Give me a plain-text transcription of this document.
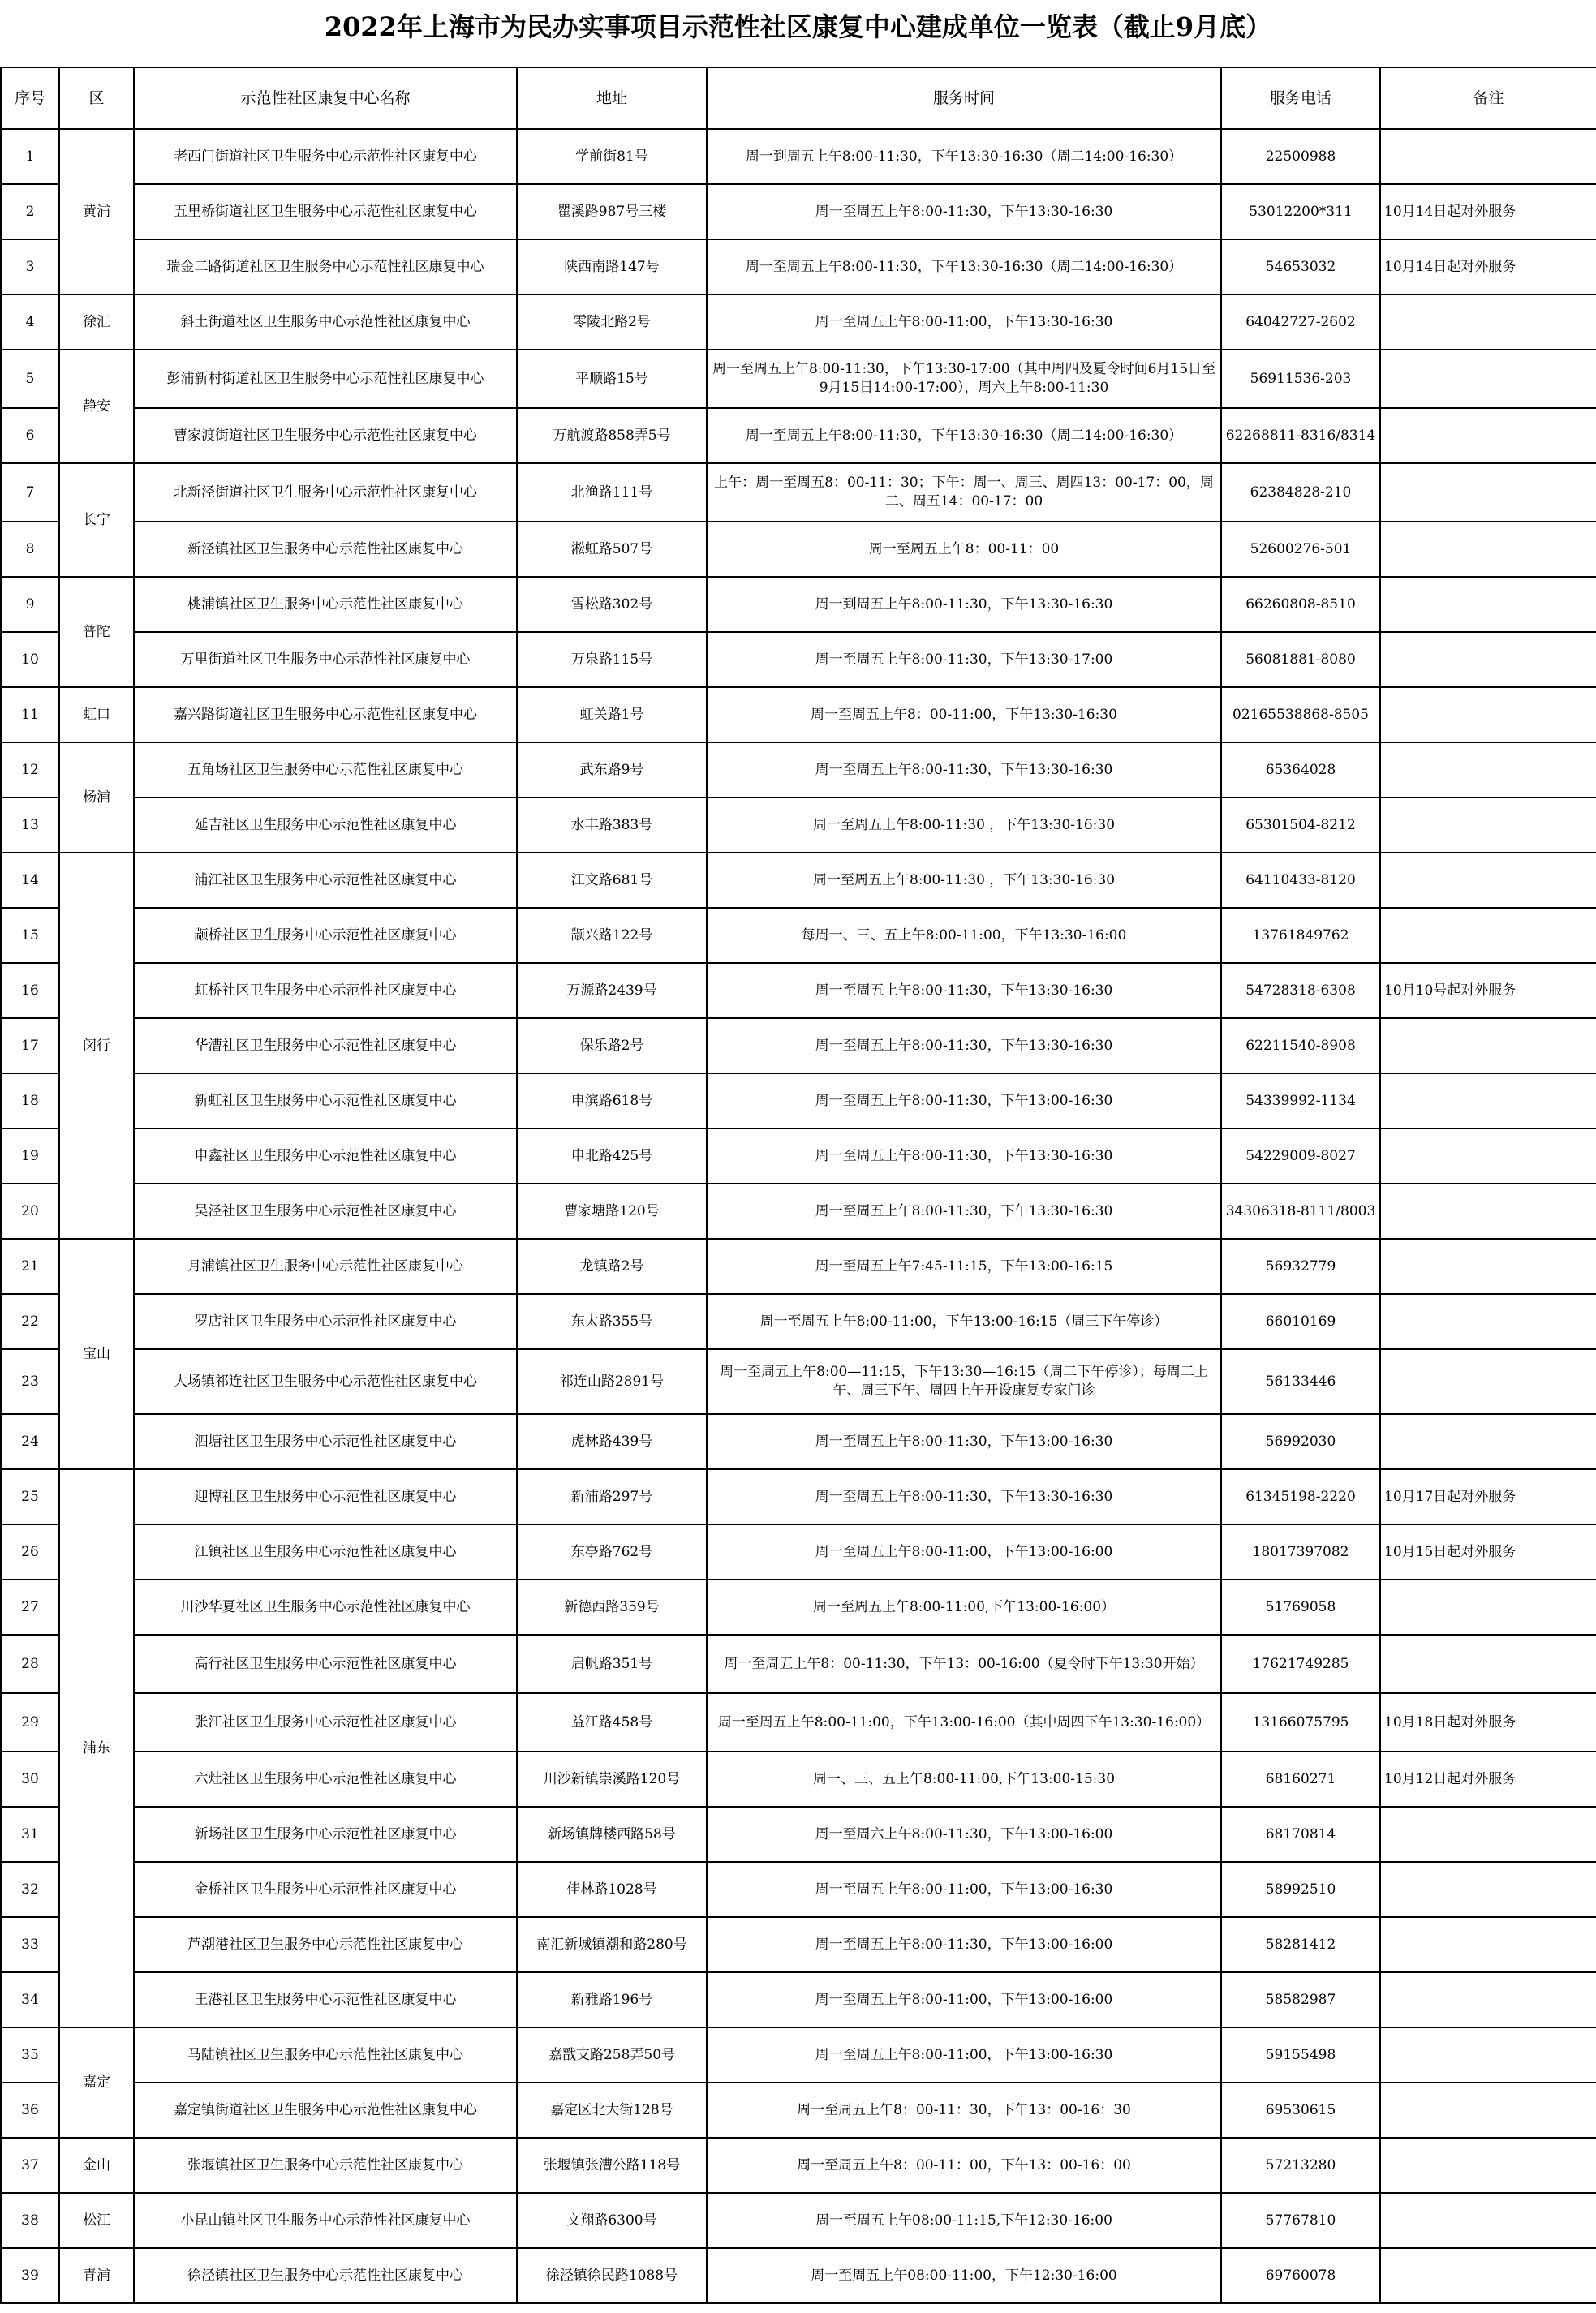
2022年上海市为民办实事项目示范性社区康复中心建成单位一览表（截止9月底）
序号	区	示范性社区康复中心名称	地址	服务时间	服务电话	备注
1	黄浦	老西门街道社区卫生服务中心示范性社区康复中心	学前街81号	周一到周五上午8:00-11:30，下午13:30-16:30（周二14:00-16:30）	22500988	
2		五里桥街道社区卫生服务中心示范性社区康复中心	瞿溪路987号三楼	周一至周五上午8:00-11:30，下午13:30-16:30	53012200*311	10月14日起对外服务
3		瑞金二路街道社区卫生服务中心示范性社区康复中心	陕西南路147号	周一至周五上午8:00-11:30，下午13:30-16:30（周二14:00-16:30）	54653032	10月14日起对外服务
4	徐汇	斜土街道社区卫生服务中心示范性社区康复中心	零陵北路2号	周一至周五上午8:00-11:00，下午13:30-16:30	64042727-2602	
5	静安	彭浦新村街道社区卫生服务中心示范性社区康复中心	平顺路15号	周一至周五上午8:00-11:30，下午13:30-17:00（其中周四及夏令时间6月15日至9月15日14:00-17:00），周六上午8:00-11:30	56911536-203	
6		曹家渡街道社区卫生服务中心示范性社区康复中心	万航渡路858弄5号	周一至周五上午8:00-11:30，下午13:30-16:30（周二14:00-16:30）	62268811-8316/8314	
7	长宁	北新泾街道社区卫生服务中心示范性社区康复中心	北渔路111号	上午：周一至周五8：00-11：30；下午：周一、周三、周四13：00-17：00，周二、周五14：00-17：00	62384828-210	
8		新泾镇社区卫生服务中心示范性社区康复中心	淞虹路507号	周一至周五上午8：00-11：00	52600276-501	
9	普陀	桃浦镇社区卫生服务中心示范性社区康复中心	雪松路302号	周一到周五上午8:00-11:30，下午13:30-16:30	66260808-8510	
10		万里街道社区卫生服务中心示范性社区康复中心	万泉路115号	周一至周五上午8:00-11:30，下午13:30-17:00	56081881-8080	
11	虹口	嘉兴路街道社区卫生服务中心示范性社区康复中心	虹关路1号	周一至周五上午8：00-11:00，下午13:30-16:30	02165538868-8505	
12	杨浦	五角场社区卫生服务中心示范性社区康复中心	武东路9号	周一至周五上午8:00-11:30，下午13:30-16:30	65364028	
13		延吉社区卫生服务中心示范性社区康复中心	水丰路383号	周一至周五上午8:00-11:30 ，下午13:30-16:30	65301504-8212	
14	闵行	浦江社区卫生服务中心示范性社区康复中心	江文路681号	周一至周五上午8:00-11:30 ，下午13:30-16:30	64110433-8120	
15		颛桥社区卫生服务中心示范性社区康复中心	颛兴路122号	每周一、三、五上午8:00-11:00，下午13:30-16:00	13761849762	
16		虹桥社区卫生服务中心示范性社区康复中心	万源路2439号	周一至周五上午8:00-11:30，下午13:30-16:30	54728318-6308	10月10号起对外服务
17		华漕社区卫生服务中心示范性社区康复中心	保乐路2号	周一至周五上午8:00-11:30，下午13:30-16:30	62211540-8908	
18		新虹社区卫生服务中心示范性社区康复中心	申滨路618号	周一至周五上午8:00-11:30，下午13:00-16:30	54339992-1134	
19		申鑫社区卫生服务中心示范性社区康复中心	申北路425号	周一至周五上午8:00-11:30，下午13:30-16:30	54229009-8027	
20		吴泾社区卫生服务中心示范性社区康复中心	曹家塘路120号	周一至周五上午8:00-11:30，下午13:30-16:30	34306318-8111/8003	
21	宝山	月浦镇社区卫生服务中心示范性社区康复中心	龙镇路2号	周一至周五上午7:45-11:15，下午13:00-16:15	56932779	
22		罗店社区卫生服务中心示范性社区康复中心	东太路355号	周一至周五上午8:00-11:00，下午13:00-16:15（周三下午停诊）	66010169	
23		大场镇祁连社区卫生服务中心示范性社区康复中心	祁连山路2891号	周一至周五上午8:00—11:15，下午13:30—16:15（周二下午停诊）；每周二上午、周三下午、周四上午开设康复专家门诊	56133446	
24		泗塘社区卫生服务中心示范性社区康复中心	虎林路439号	周一至周五上午8:00-11:30，下午13:00-16:30	56992030	
25	浦东	迎博社区卫生服务中心示范性社区康复中心	新浦路297号	周一至周五上午8:00-11:30，下午13:30-16:30	61345198-2220	10月17日起对外服务
26		江镇社区卫生服务中心示范性社区康复中心	东亭路762号	周一至周五上午8:00-11:00，下午13:00-16:00	18017397082	10月15日起对外服务
27		川沙华夏社区卫生服务中心示范性社区康复中心	新德西路359号	周一至周五上午8:00-11:00,下午13:00-16:00）	51769058	
28		高行社区卫生服务中心示范性社区康复中心	启帆路351号	周一至周五上午8：00-11:30，下午13：00-16:00（夏令时下午13:30开始）	17621749285	
29		张江社区卫生服务中心示范性社区康复中心	益江路458号	周一至周五上午8:00-11:00，下午13:00-16:00（其中周四下午13:30-16:00）	13166075795	10月18日起对外服务
30		六灶社区卫生服务中心示范性社区康复中心	川沙新镇崇溪路120号	周一、三、五上午8:00-11:00,下午13:00-15:30	68160271	10月12日起对外服务
31		新场社区卫生服务中心示范性社区康复中心	新场镇牌楼西路58号	周一至周六上午8:00-11:30，下午13:00-16:00	68170814	
32		金桥社区卫生服务中心示范性社区康复中心	佳林路1028号	周一至周五上午8:00-11:00，下午13:00-16:30	58992510	
33		芦潮港社区卫生服务中心示范性社区康复中心	南汇新城镇潮和路280号	周一至周五上午8:00-11:30，下午13:00-16:00	58281412	
34		王港社区卫生服务中心示范性社区康复中心	新雅路196号	周一至周五上午8:00-11:00，下午13:00-16:00	58582987	
35	嘉定	马陆镇社区卫生服务中心示范性社区康复中心	嘉戬支路258弄50号	周一至周五上午8:00-11:00，下午13:00-16:30	59155498	
36		嘉定镇街道社区卫生服务中心示范性社区康复中心	嘉定区北大街128号	周一至周五上午8：00-11：30，下午13：00-16：30	69530615	
37	金山	张堰镇社区卫生服务中心示范性社区康复中心	张堰镇张漕公路118号	周一至周五上午8：00-11：00，下午13：00-16：00	57213280	
38	松江	小昆山镇社区卫生服务中心示范性社区康复中心	文翔路6300号	周一至周五上午08:00-11:15,下午12:30-16:00	57767810	
39	青浦	徐泾镇社区卫生服务中心示范性社区康复中心	徐泾镇徐民路1088号	周一至周五上午08:00-11:00，下午12:30-16:00	69760078	
